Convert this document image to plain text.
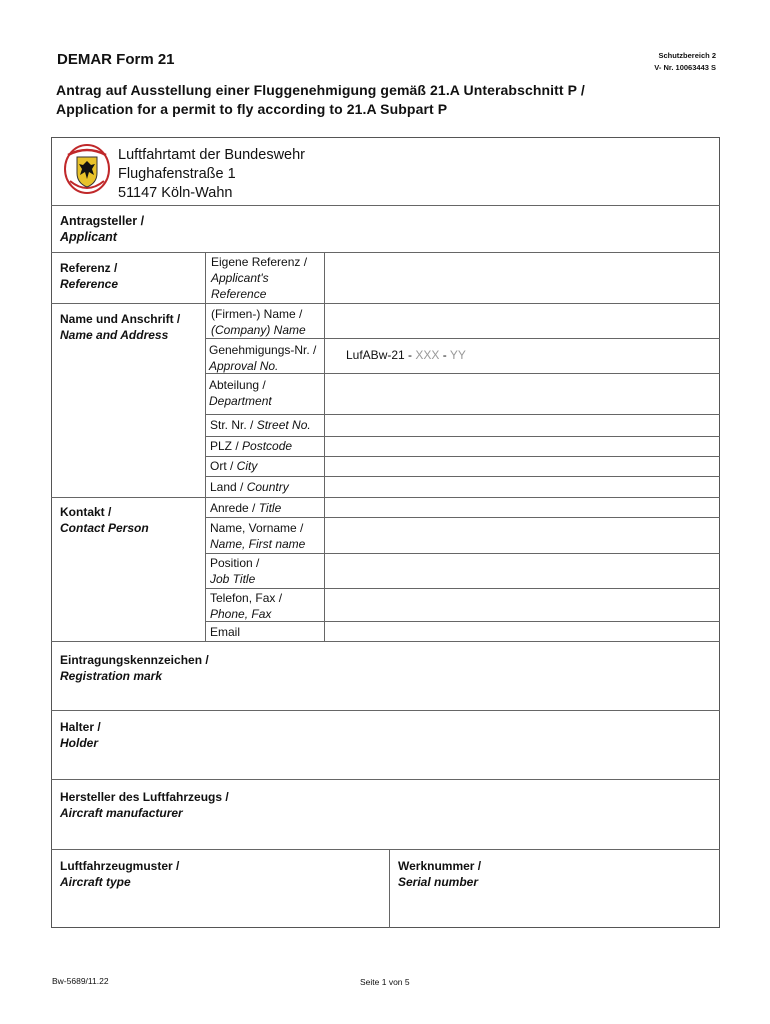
DEMAR Form 21	Schutzbereich 2
V- Nr. 10063443 S
Antrag auf Ausstellung einer Fluggenehmigung gemäß 21.A Unterabschnitt P /
Application for a permit to fly according to 21.A Subpart P
Luftfahrtamt der Bundeswehr
Flughafenstraße 1
51147 Köln-Wahn
Antragsteller /
Applicant
Referenz /
Reference
Eigene Referenz /
Applicant's
Reference
Name und Anschrift /
Name and Address
(Firmen-) Name /
(Company) Name
Genehmigungs-Nr. /
Approval No.
LufABw-21 - XXX - YY
Abteilung /
Department
Str. Nr. / Street No.
PLZ / Postcode
Ort / City
Land / Country
Kontakt /
Contact Person
Anrede / Title
Name, Vorname /
Name, First name
Position /
Job Title
Telefon, Fax /
Phone, Fax
Email
Eintragungskennzeichen /
Registration mark
Halter /
Holder
Hersteller des Luftfahrzeugs /
Aircraft manufacturer
Luftfahrzeugmuster /
Aircraft type
Werknummer /
Serial number
Bw-5689/11.22	Seite 1 von 5
